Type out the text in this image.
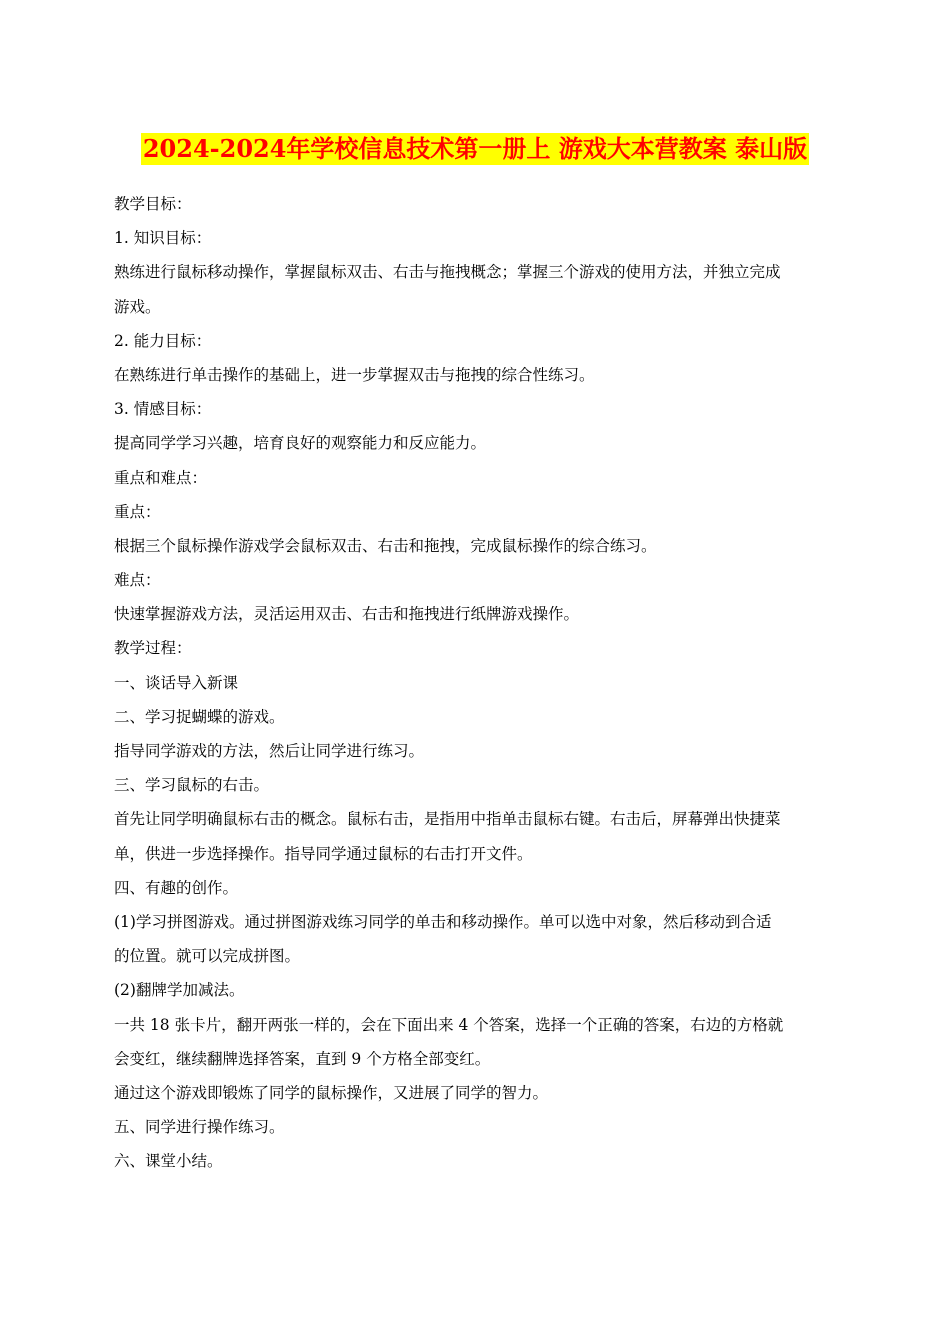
2024-2024年学校信息技术第一册上 游戏大本营教案 泰山版
教学目标：
1. 知识目标：
熟练进行鼠标移动操作，掌握鼠标双击、右击与拖拽概念；掌握三个游戏的使用方法，并独立完成
游戏。
2. 能力目标：
在熟练进行单击操作的基础上，进一步掌握双击与拖拽的综合性练习。
3. 情感目标：
提高同学学习兴趣，培育良好的观察能力和反应能力。
重点和难点：
重点：
根据三个鼠标操作游戏学会鼠标双击、右击和拖拽，完成鼠标操作的综合练习。
难点：
快速掌握游戏方法，灵活运用双击、右击和拖拽进行纸牌游戏操作。
教学过程：
一、谈话导入新课
二、学习捉蝴蝶的游戏。
指导同学游戏的方法，然后让同学进行练习。
三、学习鼠标的右击。
首先让同学明确鼠标右击的概念。鼠标右击，是指用中指单击鼠标右键。右击后，屏幕弹出快捷菜
单，供进一步选择操作。指导同学通过鼠标的右击打开文件。
四、有趣的创作。
(1)学习拼图游戏。通过拼图游戏练习同学的单击和移动操作。单可以选中对象，然后移动到合适
的位置。就可以完成拼图。
(2)翻牌学加减法。
一共 18 张卡片，翻开两张一样的，会在下面出来 4 个答案，选择一个正确的答案，右边的方格就
会变红，继续翻牌选择答案，直到 9 个方格全部变红。
通过这个游戏即锻炼了同学的鼠标操作，又进展了同学的智力。
五、同学进行操作练习。
六、课堂小结。
